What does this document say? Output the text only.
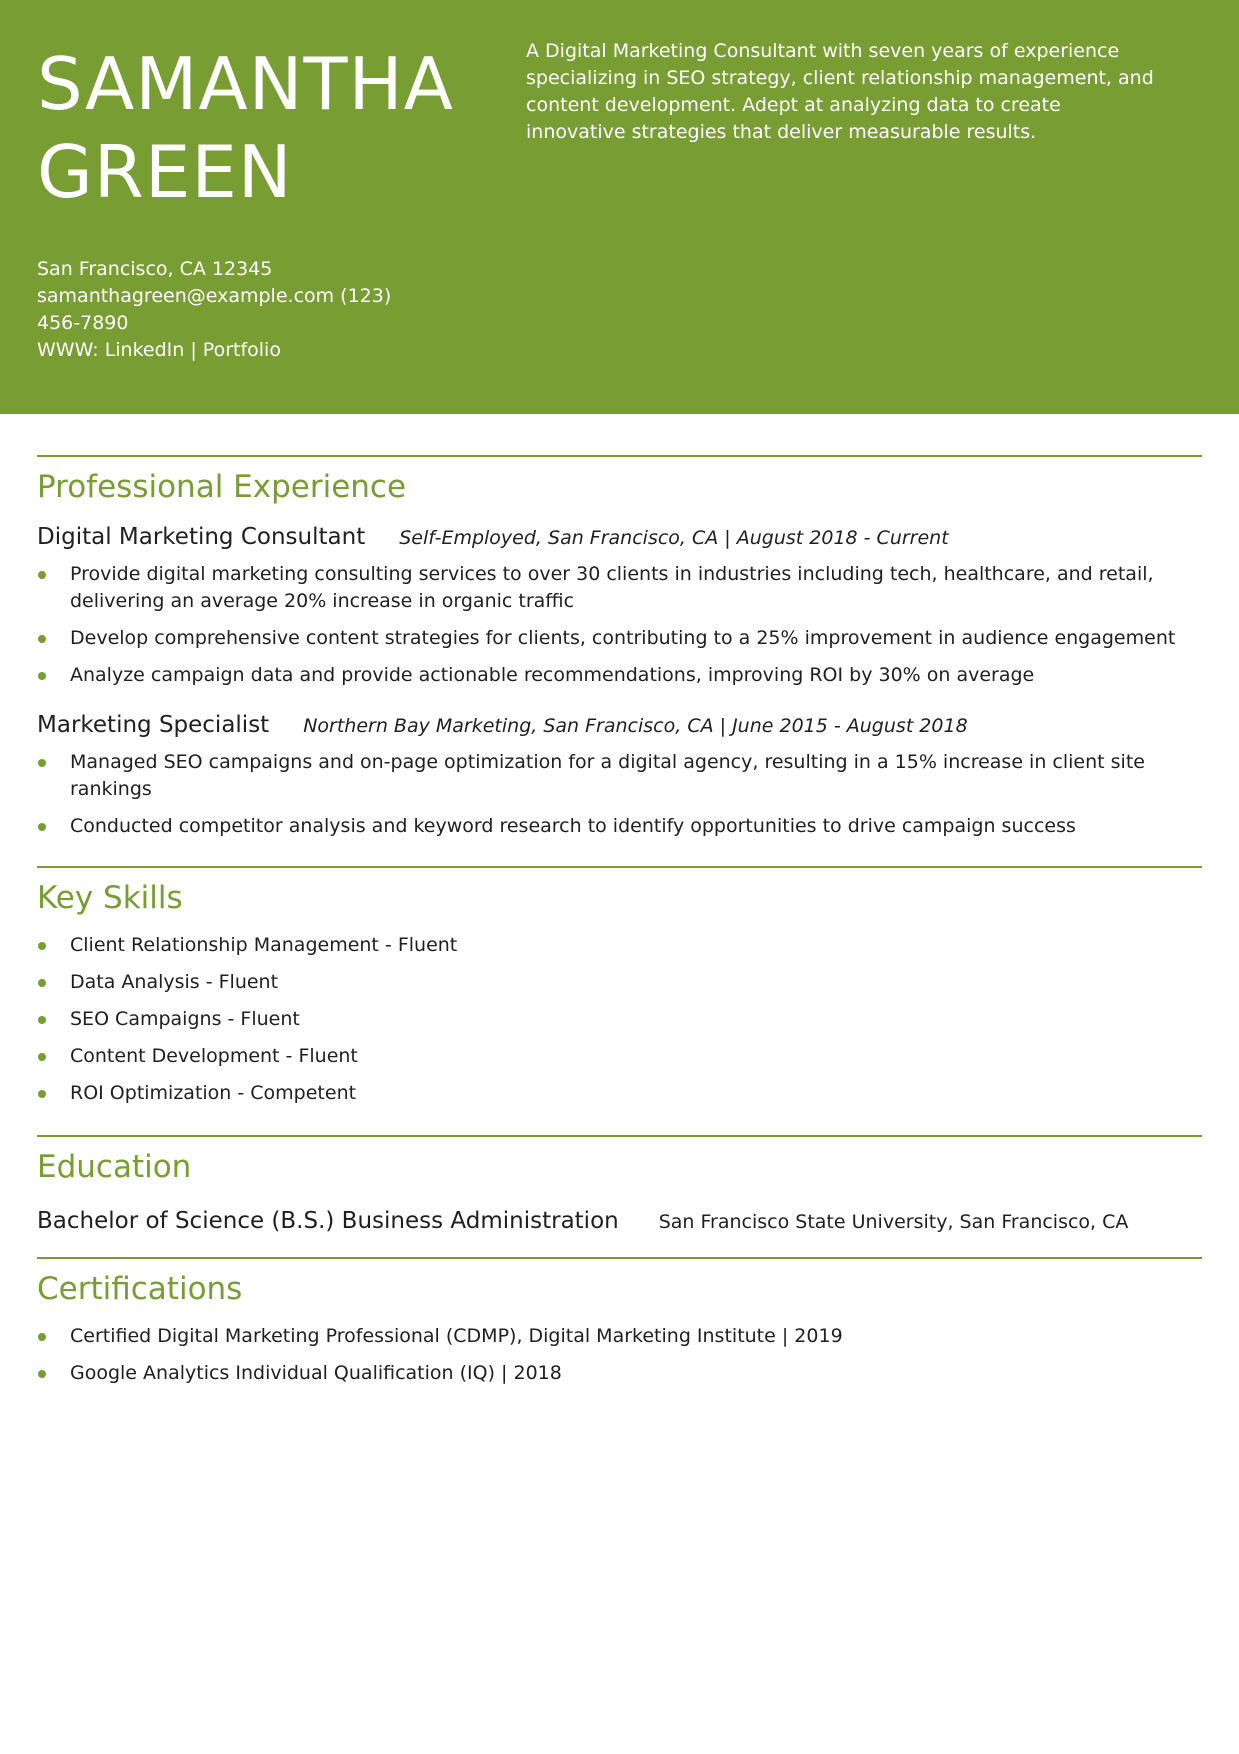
SAMANTHA
GREEN
San Francisco, CA 12345
samanthagreen@example.com (123) 456-7890
WWW: LinkedIn | Portfolio

A Digital Marketing Consultant with seven years of experience specializing in SEO strategy, client relationship management, and content development. Adept at analyzing data to create innovative strategies that deliver measurable results.

Professional Experience
Digital Marketing Consultant Self-Employed, San Francisco, CA | August 2018 - Current
Provide digital marketing consulting services to over 30 clients in industries including tech, healthcare, and retail, delivering an average 20% increase in organic traffic
Develop comprehensive content strategies for clients, contributing to a 25% improvement in audience engagement
Analyze campaign data and provide actionable recommendations, improving ROI by 30% on average
Marketing Specialist Northern Bay Marketing, San Francisco, CA | June 2015 - August 2018
Managed SEO campaigns and on-page optimization for a digital agency, resulting in a 15% increase in client site rankings
Conducted competitor analysis and keyword research to identify opportunities to drive campaign success
Key Skills
Client Relationship Management - Fluent
Data Analysis - Fluent
SEO Campaigns - Fluent
Content Development - Fluent
ROI Optimization - Competent
Education
Bachelor of Science (B.S.) Business Administration San Francisco State University, San Francisco, CA
Certifications
Certified Digital Marketing Professional (CDMP), Digital Marketing Institute | 2019
Google Analytics Individual Qualification (IQ) | 2018
